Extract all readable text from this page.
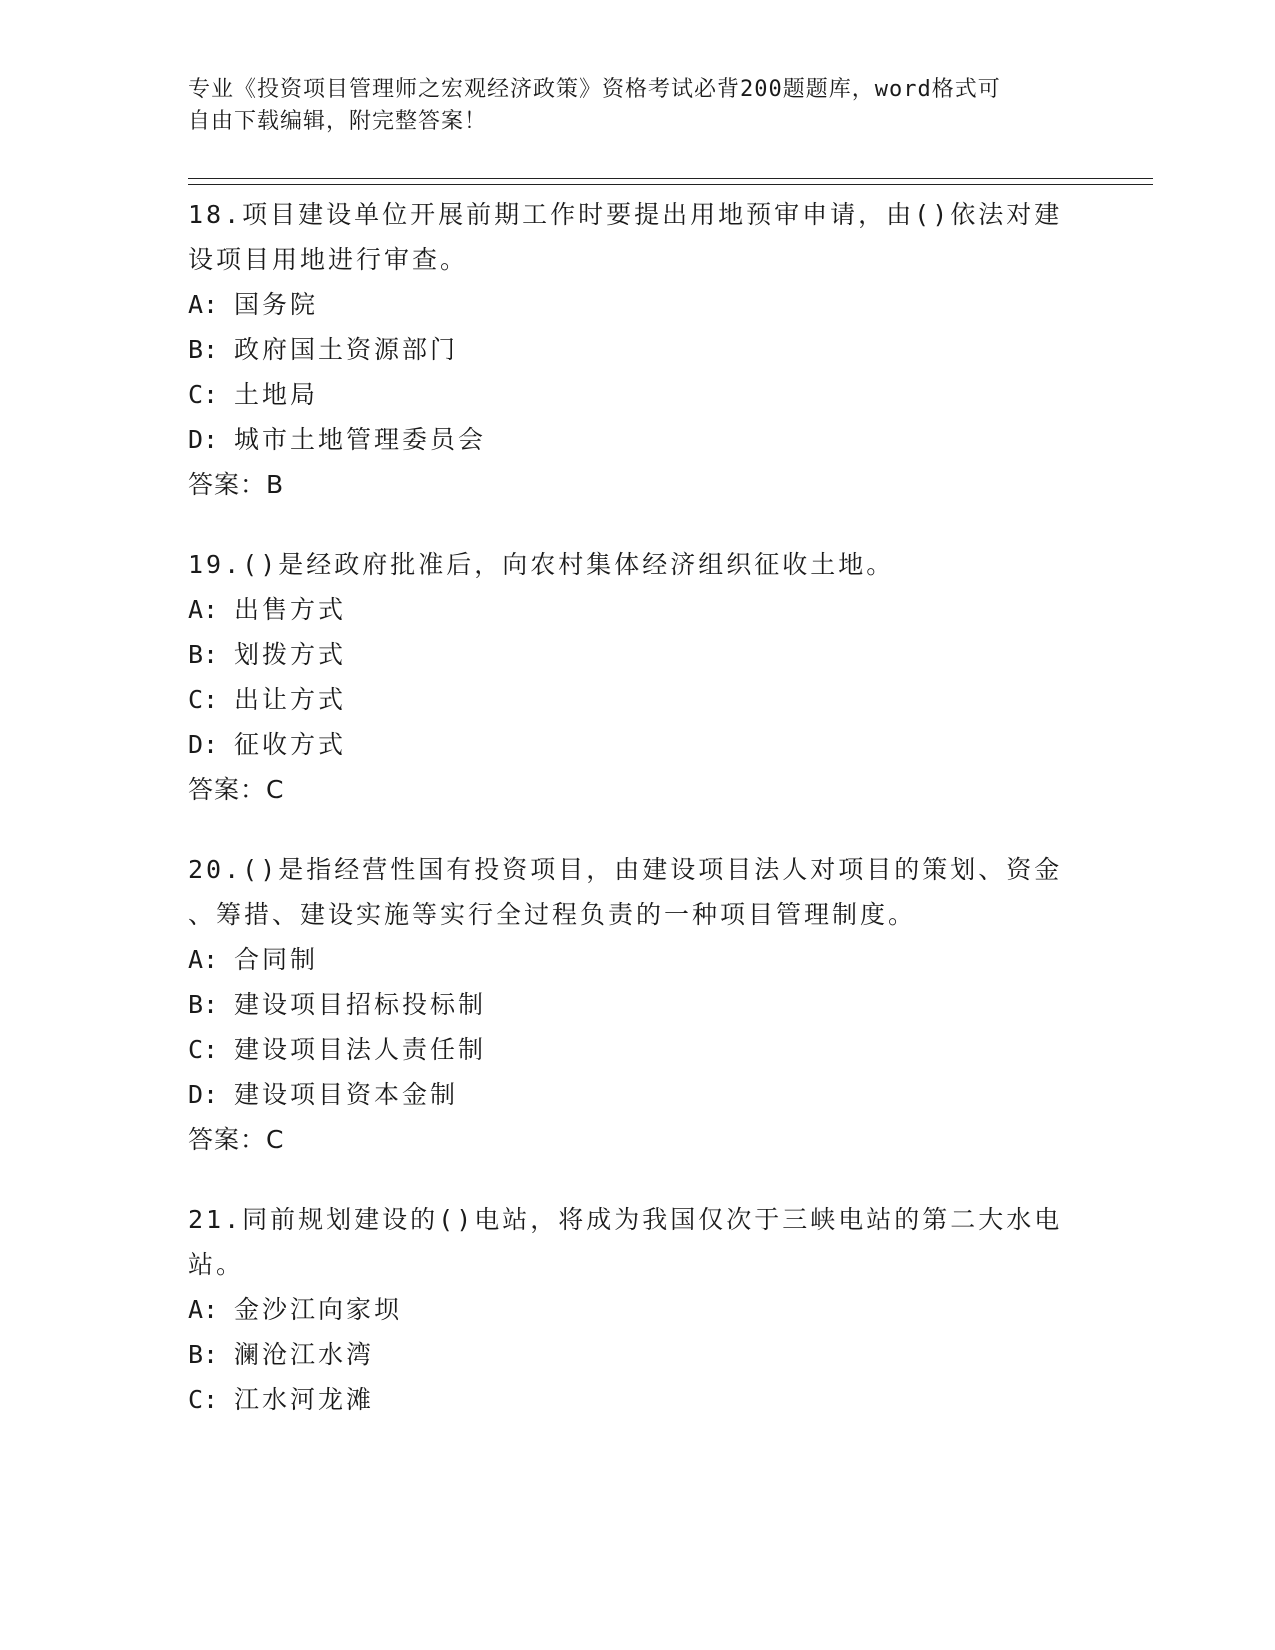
专业《投资项目管理师之宏观经济政策》资格考试必背200题题库，word格式可
自由下载编辑，附完整答案！
18.项目建设单位开展前期工作时要提出用地预审申请，由()依法对建
设项目用地进行审查。
A: 国务院
B: 政府国土资源部门
C: 土地局
D: 城市土地管理委员会
答案：B
19.()是经政府批准后，向农村集体经济组织征收土地。
A: 出售方式
B: 划拨方式
C: 出让方式
D: 征收方式
答案：C
20.()是指经营性国有投资项目，由建设项目法人对项目的策划、资金
、筹措、建设实施等实行全过程负责的一种项目管理制度。
A: 合同制
B: 建设项目招标投标制
C: 建设项目法人责任制
D: 建设项目资本金制
答案：C
21.同前规划建设的()电站，将成为我国仅次于三峡电站的第二大水电
站。
A: 金沙江向家坝
B: 澜沧江水湾
C: 江水河龙滩
